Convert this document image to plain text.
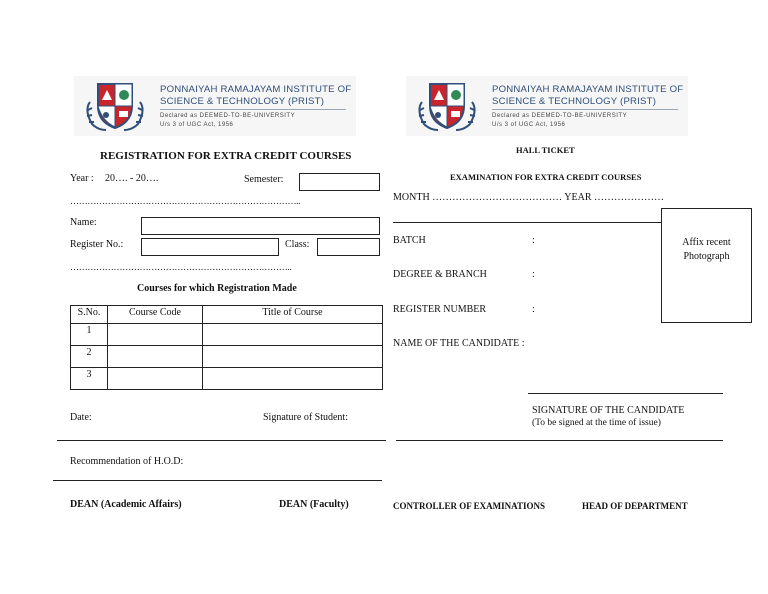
PONNAIYAH RAMAJAYAM INSTITUTE OF
SCIENCE & TECHNOLOGY (PRIST)
Declared as DEEMED-TO-BE-UNIVERSITY
U/s 3 of UGC Act, 1956
PONNAIYAH RAMAJAYAM INSTITUTE OF
SCIENCE & TECHNOLOGY (PRIST)
Declared as DEEMED-TO-BE-UNIVERSITY
U/s 3 of UGC Act, 1956
REGISTRATION FOR EXTRA CREDIT COURSES
Year : 20…. - 20….	Semester:
……………………………………………………………………..
Name:
Register No.:	Class:
…………………………………………………………………..
Courses for which Registration Made
S.No.	Course Code	Title of Course
1		
2		
3		
Date:	Signature of Student:
Recommendation of H.O.D:
DEAN (Academic Affairs)	DEAN (Faculty)
HALL TICKET
EXAMINATION FOR EXTRA CREDIT COURSES
MONTH ………………………………… YEAR …………………
BATCH	:
DEGREE & BRANCH	:
REGISTER NUMBER	:
NAME OF THE CANDIDATE :
Affix recent
Photograph
SIGNATURE OF THE CANDIDATE
(To be signed at the time of issue)
CONTROLLER OF EXAMINATIONS	HEAD OF DEPARTMENT
